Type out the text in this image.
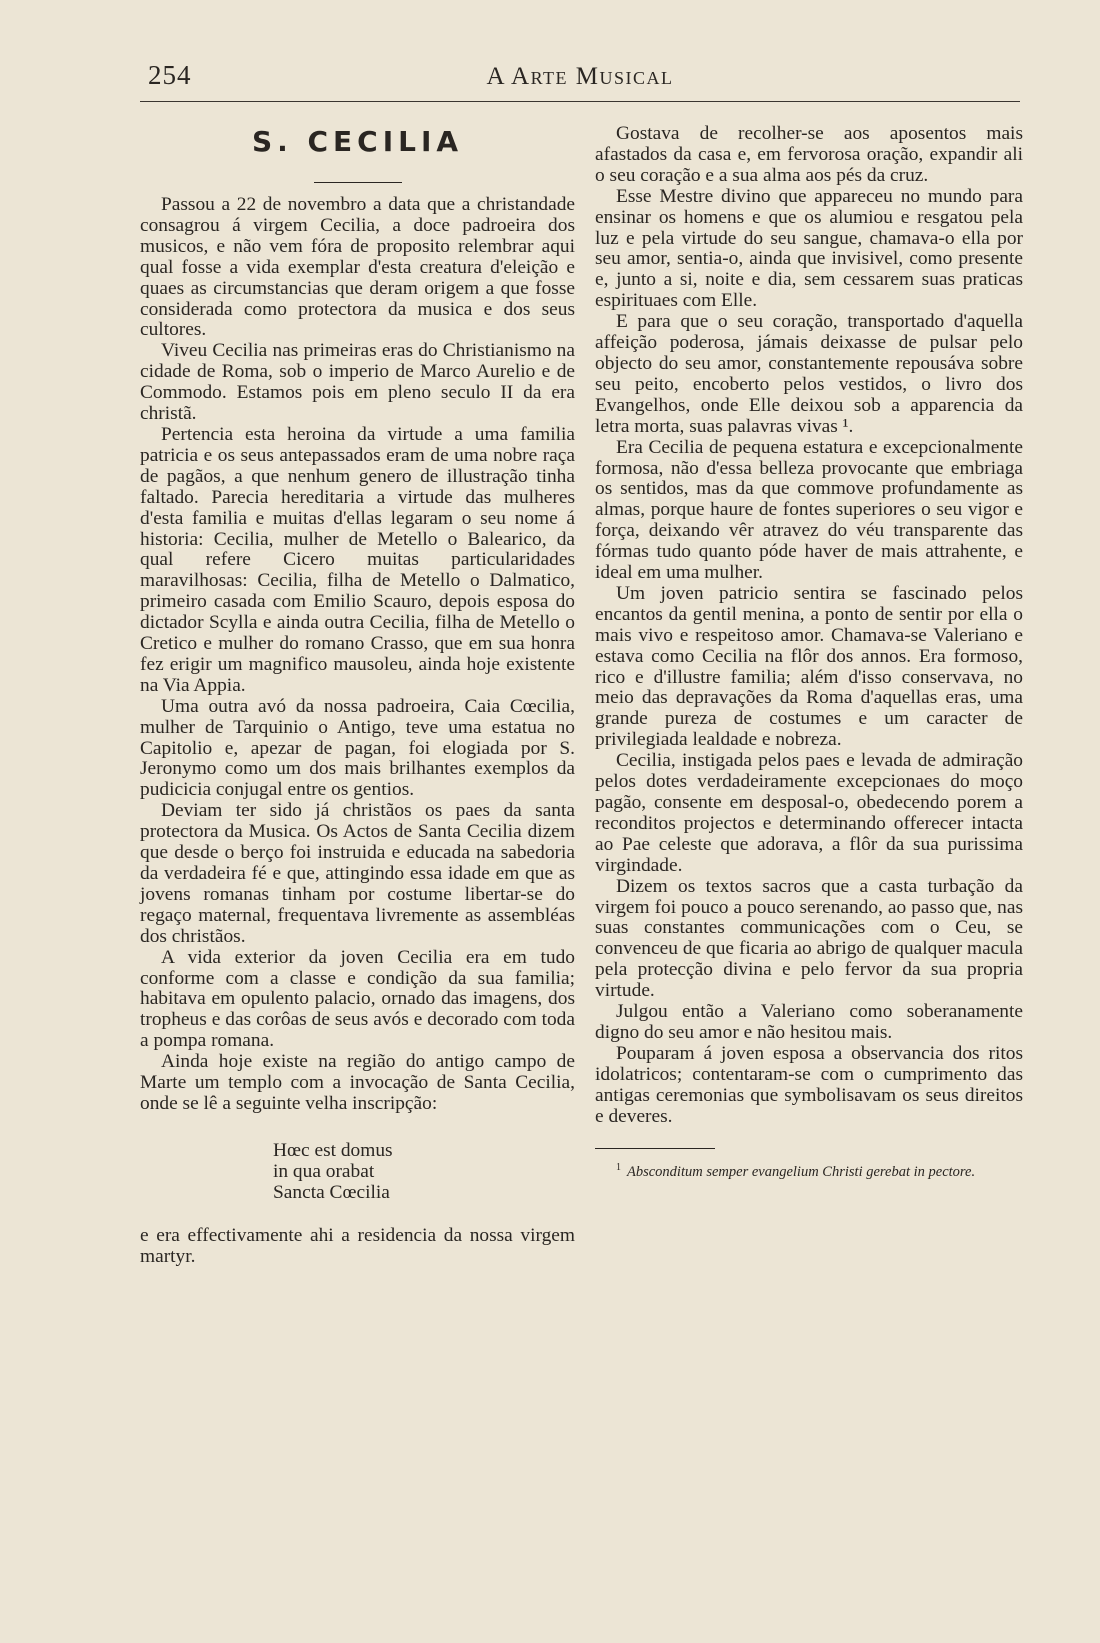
254	A Arte Musical
S. CECILIA

Passou a 22 de novembro a data que a christandade consagrou á virgem Cecilia, a doce padroeira dos musicos, e não vem fóra de proposito relembrar aqui qual fosse a vida exemplar d'esta creatura d'eleição e quaes as circumstancias que deram origem a que fosse considerada como protectora da musica e dos seus cultores.

Viveu Cecilia nas primeiras eras do Christianismo na cidade de Roma, sob o imperio de Marco Aurelio e de Commodo. Estamos pois em pleno seculo II da era christã.

Pertencia esta heroina da virtude a uma familia patricia e os seus antepassados eram de uma nobre raça de pagãos, a que nenhum genero de illustração tinha faltado. Parecia hereditaria a virtude das mulheres d'esta familia e muitas d'ellas legaram o seu nome á historia: Cecilia, mulher de Metello o Balearico, da qual refere Cicero muitas particularidades maravilhosas: Cecilia, filha de Metello o Dalmatico, primeiro casada com Emilio Scauro, depois esposa do dictador Scylla e ainda outra Cecilia, filha de Metello o Cretico e mulher do romano Crasso, que em sua honra fez erigir um magnifico mausoleu, ainda hoje existente na Via Appia.

Uma outra avó da nossa padroeira, Caia Cœcilia, mulher de Tarquinio o Antigo, teve uma estatua no Capitolio e, apezar de pagan, foi elogiada por S. Jeronymo como um dos mais brilhantes exemplos da pudicicia conjugal entre os gentios.

Deviam ter sido já christãos os paes da santa protectora da Musica. Os Actos de Santa Cecilia dizem que desde o berço foi instruida e educada na sabedoria da verdadeira fé e que, attingindo essa idade em que as jovens romanas tinham por costume libertar-se do regaço maternal, frequentava livremente as assembléas dos christãos.

A vida exterior da joven Cecilia era em tudo conforme com a classe e condição da sua familia; habitava em opulento palacio, ornado das imagens, dos tropheus e das corôas de seus avós e decorado com toda a pompa romana.

Ainda hoje existe na região do antigo campo de Marte um templo com a invocação de Santa Cecilia, onde se lê a seguinte velha inscripção:

Hœc est domus
in qua orabat
Sancta Cœcilia

e era effectivamente ahi a residencia da nossa virgem martyr.

Gostava de recolher-se aos aposentos mais afastados da casa e, em fervorosa oração, expandir ali o seu coração e a sua alma aos pés da cruz.

Esse Mestre divino que appareceu no mundo para ensinar os homens e que os alumiou e resgatou pela luz e pela virtude do seu sangue, chamava-o ella por seu amor, sentia-o, ainda que invisivel, como presente e, junto a si, noite e dia, sem cessarem suas praticas espirituaes com Elle.

E para que o seu coração, transportado d'aquella affeição poderosa, jámais deixasse de pulsar pelo objecto do seu amor, constantemente repousáva sobre seu peito, encoberto pelos vestidos, o livro dos Evangelhos, onde Elle deixou sob a apparencia da letra morta, suas palavras vivas ¹.

Era Cecilia de pequena estatura e excepcionalmente formosa, não d'essa belleza provocante que embriaga os sentidos, mas da que commove profundamente as almas, porque haure de fontes superiores o seu vigor e força, deixando vêr atravez do véu transparente das fórmas tudo quanto póde haver de mais attrahente, e ideal em uma mulher.

Um joven patricio sentira se fascinado pelos encantos da gentil menina, a ponto de sentir por ella o mais vivo e respeitoso amor. Chamava-se Valeriano e estava como Cecilia na flôr dos annos. Era formoso, rico e d'illustre familia; além d'isso conservava, no meio das depravações da Roma d'aquellas eras, uma grande pureza de costumes e um caracter de privilegiada lealdade e nobreza.

Cecilia, instigada pelos paes e levada de admiração pelos dotes verdadeiramente excepcionaes do moço pagão, consente em desposal-o, obedecendo porem a reconditos projectos e determinando offerecer intacta ao Pae celeste que adorava, a flôr da sua purissima virgindade.

Dizem os textos sacros que a casta turbação da virgem foi pouco a pouco serenando, ao passo que, nas suas constantes communicações com o Ceu, se convenceu de que ficaria ao abrigo de qualquer macula pela protecção divina e pelo fervor da sua propria virtude.

Julgou então a Valeriano como soberanamente digno do seu amor e não hesitou mais.

Pouparam á joven esposa a observancia dos ritos idolatricos; contentaram-se com o cumprimento das antigas ceremonias que symbolisavam os seus direitos e deveres.

$^1$ Absconditum semper evangelium Christi gerebat in pectore.
